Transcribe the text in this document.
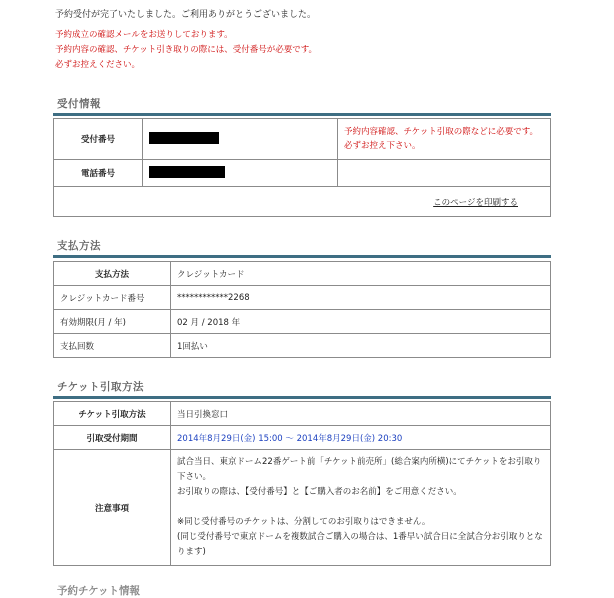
予約受付が完了いたしました。ご利用ありがとうございました。
予約成立の確認メールをお送りしております。
予約内容の確認、チケット引き取りの際には、受付番号が必要です。
必ずお控えください。
受付情報
受付番号		予約内容確認、チケット引取の際などに必要です。必ずお控え下さい。
電話番号		
このページを印刷する		
支払方法
支払方法	クレジットカード
クレジットカード番号	************2268
有効期限(月 / 年)	02 月 / 2018 年
支払回数	1回払い
チケット引取方法
チケット引取方法	当日引換窓口
引取受付期間	2014年8月29日(金) 15:00 〜 2014年8月29日(金) 20:30
注意事項	試合当日、東京ドーム22番ゲート前「チケット前売所」(総合案内所横)にてチケットをお引取り下さい。
お引取りの際は、【受付番号】と【ご購入者のお名前】をご用意ください。
※同じ受付番号のチケットは、分割してのお引取りはできません。
(同じ受付番号で東京ドームを複数試合ご購入の場合は、1番早い試合日に全試合分お引取りとなります)
予約チケット情報
